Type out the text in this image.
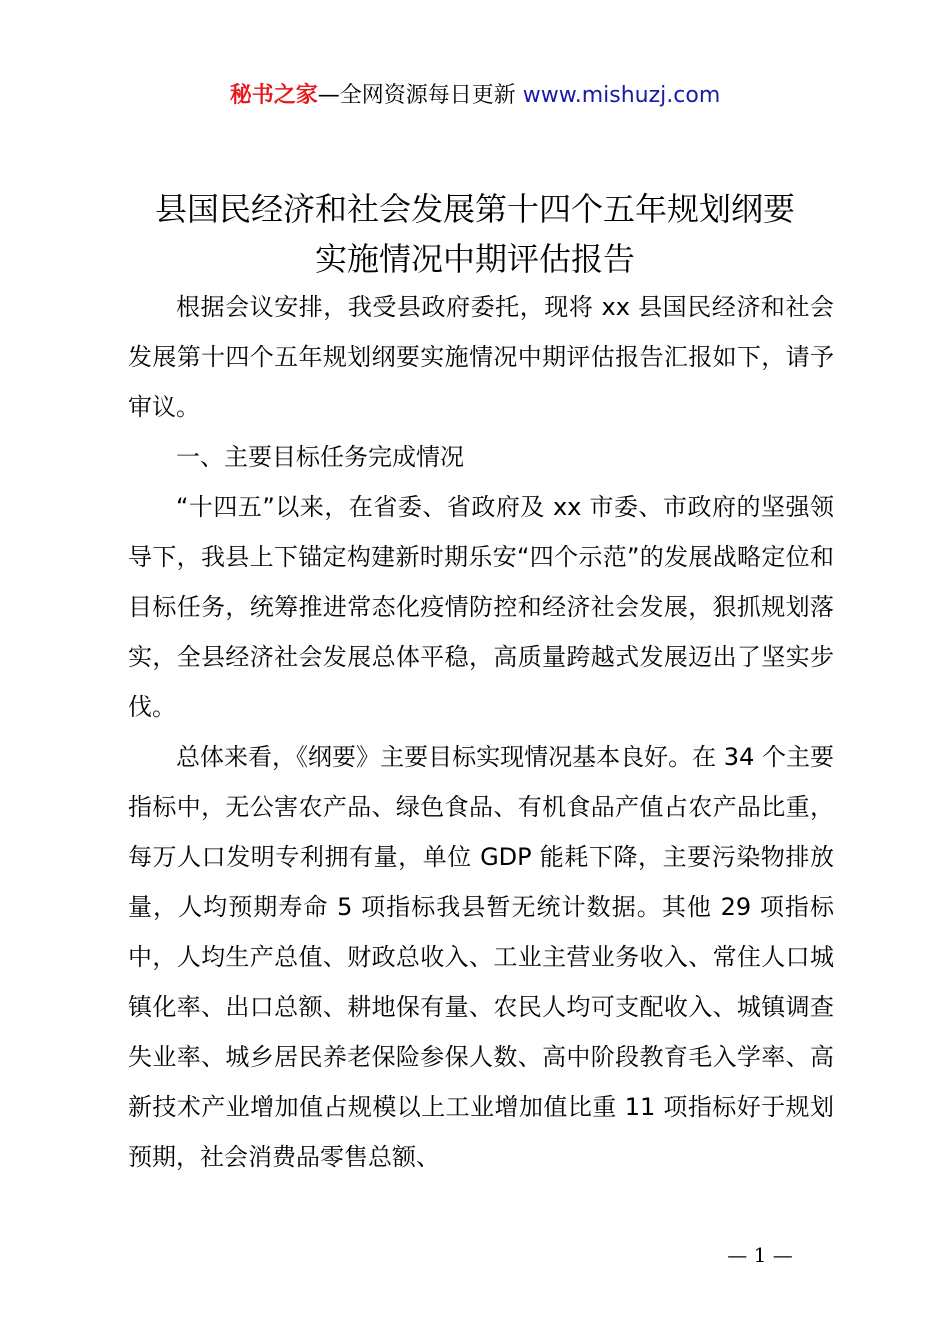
秘书之家—全网资源每日更新 www.mishuzj.com
县国民经济和社会发展第十四个五年规划纲要
实施情况中期评估报告

根据会议安排，我受县政府委托，现将 xx 县国民经济和社会发展第十四个五年规划纲要实施情况中期评估报告汇报如下，请予审议。

一、主要目标任务完成情况

“十四五”以来，在省委、省政府及 xx 市委、市政府的坚强领导下，我县上下锚定构建新时期乐安“四个示范”的发展战略定位和目标任务，统筹推进常态化疫情防控和经济社会发展，狠抓规划落实，全县经济社会发展总体平稳，高质量跨越式发展迈出了坚实步伐。

总体来看，《纲要》主要目标实现情况基本良好。在 34 个主要指标中，无公害农产品、绿色食品、有机食品产值占农产品比重，每万人口发明专利拥有量，单位 GDP 能耗下降，主要污染物排放量，人均预期寿命 5 项指标我县暂无统计数据。其他 29 项指标中，人均生产总值、财政总收入、工业主营业务收入、常住人口城镇化率、出口总额、耕地保有量、农民人均可支配收入、城镇调查失业率、城乡居民养老保险参保人数、高中阶段教育毛入学率、高新技术产业增加值占规模以上工业增加值比重 11 项指标好于规划预期，社会消费品零售总额、

— 1 —
